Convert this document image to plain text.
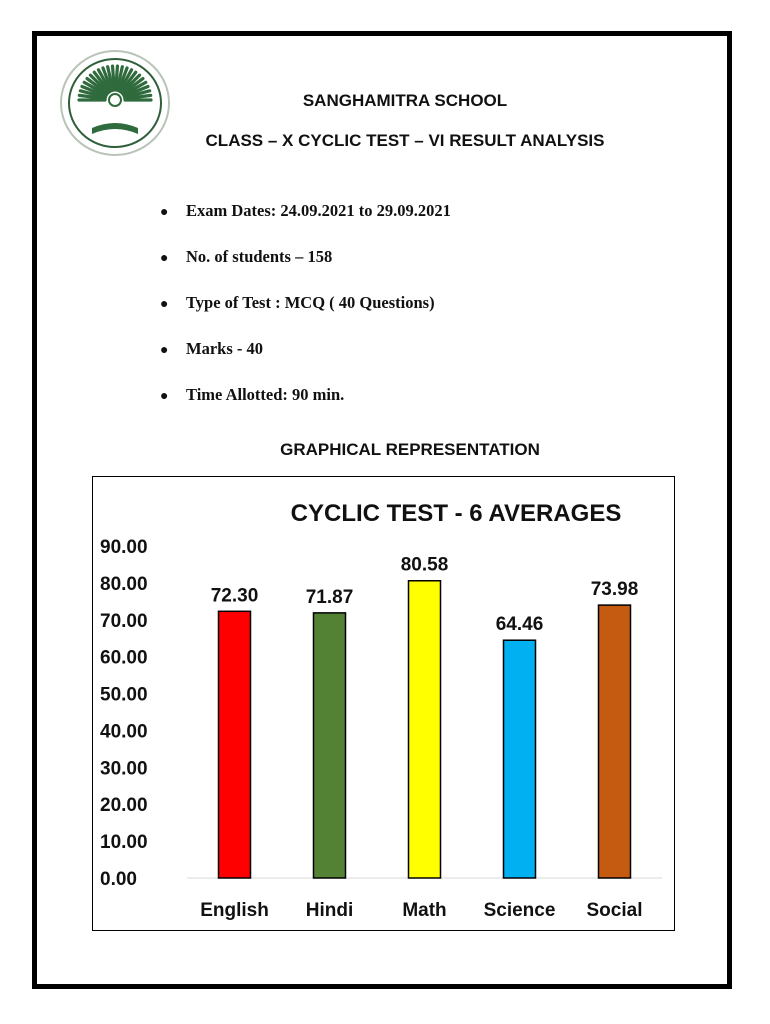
SANGHAMITRA SCHOOL
CLASS – X CYCLIC TEST – VI RESULT ANALYSIS
● Exam Dates: 24.09.2021 to 29.09.2021
● No. of students – 158
● Type of Test : MCQ ( 40 Questions)
● Marks - 40
● Time Allotted: 90 min.
GRAPHICAL REPRESENTATION
CYCLIC TEST - 6 AVERAGES
0.00
10.00
20.00
30.00
40.00
50.00
60.00
70.00
80.00
90.00
72.30 71.87
80.58
64.46
73.98
English Hindi	Math Science Social
